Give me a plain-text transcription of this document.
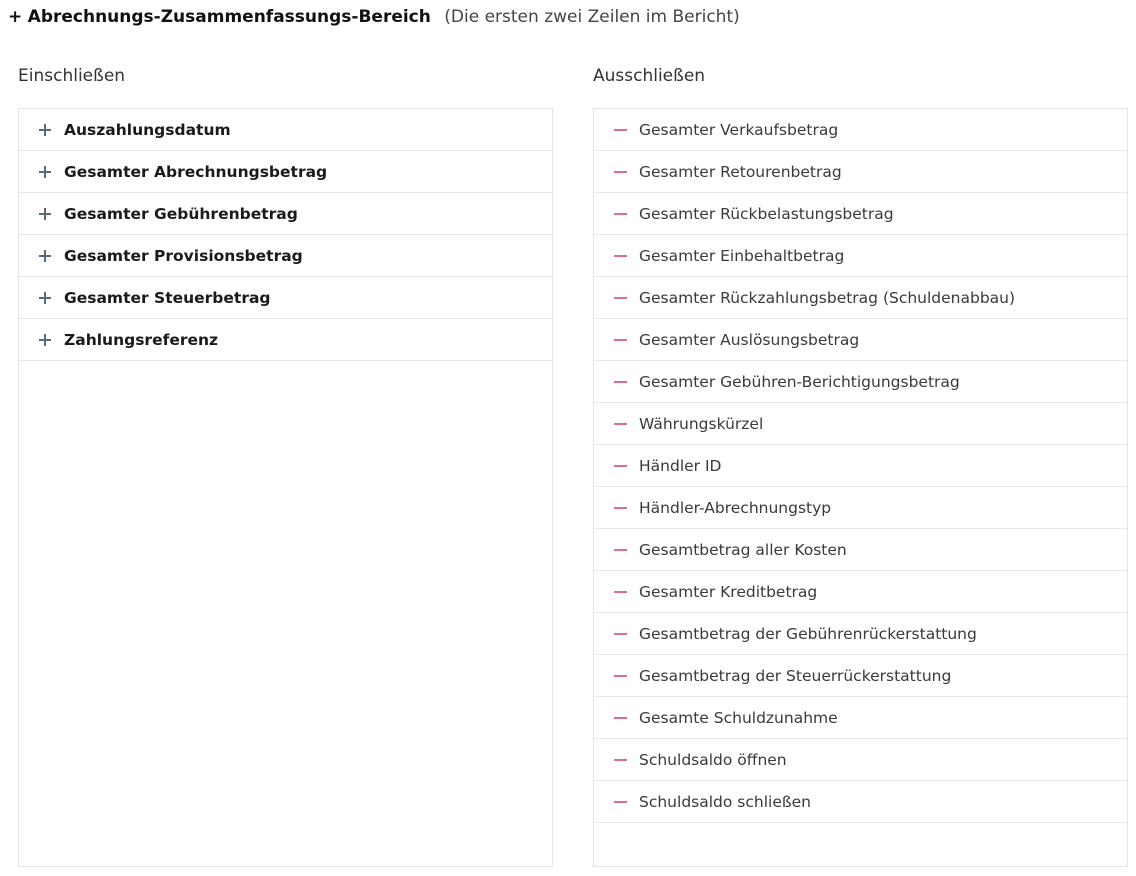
+ Abrechnungs-Zusammenfassungs-Bereich (Die ersten zwei Zeilen im Bericht)
Einschließen
Auszahlungsdatum
Gesamter Abrechnungsbetrag
Gesamter Gebührenbetrag
Gesamter Provisionsbetrag
Gesamter Steuerbetrag
Zahlungsreferenz
Ausschließen
Gesamter Verkaufsbetrag
Gesamter Retourenbetrag
Gesamter Rückbelastungsbetrag
Gesamter Einbehaltbetrag
Gesamter Rückzahlungsbetrag (Schuldenabbau)
Gesamter Auslösungsbetrag
Gesamter Gebühren-Berichtigungsbetrag
Währungskürzel
Händler ID
Händler-Abrechnungstyp
Gesamtbetrag aller Kosten
Gesamter Kreditbetrag
Gesamtbetrag der Gebührenrückerstattung
Gesamtbetrag der Steuerrückerstattung
Gesamte Schuldzunahme
Schuldsaldo öffnen
Schuldsaldo schließen
